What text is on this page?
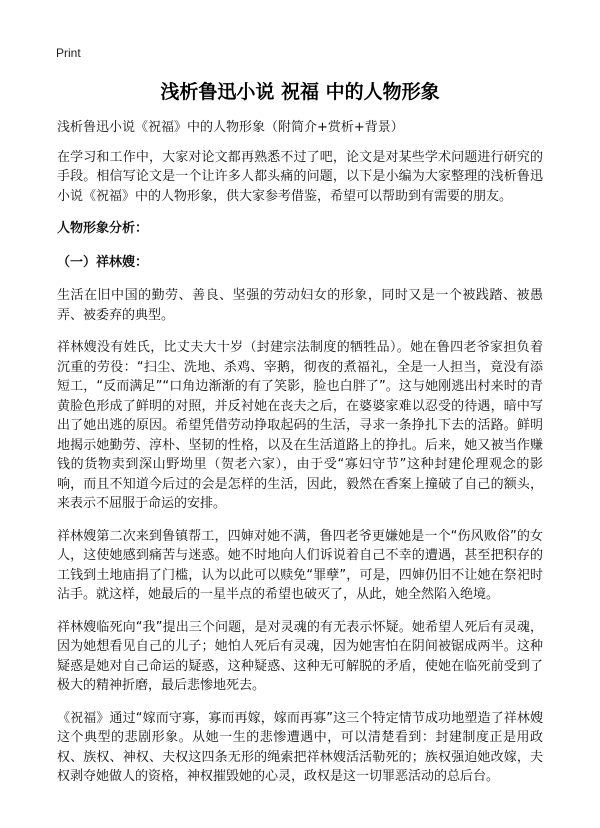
Print
浅析鲁迅小说 祝福 中的人物形象

浅析鲁迅小说《祝福》中的人物形象（附简介+赏析+背景）

在学习和工作中，大家对论文都再熟悉不过了吧，论文是对某些学术问题进行研究的手段。相信写论文是一个让许多人都头痛的问题，以下是小编为大家整理的浅析鲁迅小说《祝福》中的人物形象，供大家参考借鉴，希望可以帮助到有需要的朋友。

人物形象分析：

（一）祥林嫂：

生活在旧中国的勤劳、善良、坚强的劳动妇女的形象，同时又是一个被践踏、被愚弄、被委弃的典型。

祥林嫂没有姓氏，比丈夫大十岁（封建宗法制度的牺牲品）。她在鲁四老爷家担负着沉重的劳役：“扫尘、洗地、杀鸡、宰鹅，彻夜的煮福礼，全是一人担当，竟没有添短工，“反而满足”“口角边渐渐的有了笑影，脸也白胖了”。这与她刚逃出村来时的青黄脸色形成了鲜明的对照，并反衬她在丧夫之后，在婆婆家难以忍受的待遇，暗中写出了她出逃的原因。希望凭借劳动挣取起码的生活，寻求一条挣扎下去的活路。鲜明地揭示她勤劳、淳朴、坚韧的性格，以及在生活道路上的挣扎。后来，她又被当作赚钱的货物卖到深山野坳里（贺老六家），由于受“寡妇守节”这种封建伦理观念的影响，而且不知道今后过的会是怎样的生活，因此，毅然在香案上撞破了自己的额头，来表示不屈服于命运的安排。

祥林嫂第二次来到鲁镇帮工，四婶对她不满，鲁四老爷更嫌她是一个“伤风败俗”的女人，这使她感到痛苦与迷惑。她不时地向人们诉说着自己不幸的遭遇，甚至把积存的工钱到土地庙捐了门槛，认为以此可以赎免“罪孽”，可是，四婶仍旧不让她在祭祀时沾手。就这样，她最后的一星半点的希望也破灭了，从此，她全然陷入绝境。

祥林嫂临死向“我”提出三个问题，是对灵魂的有无表示怀疑。她希望人死后有灵魂，因为她想看见自己的儿子；她怕人死后有灵魂，因为她害怕在阴间被锯成两半。这种疑惑是她对自己命运的疑惑，这种疑惑、这种无可解脱的矛盾，使她在临死前受到了极大的精神折磨，最后悲惨地死去。

《祝福》通过“嫁而守寡，寡而再嫁，嫁而再寡”这三个特定情节成功地塑造了祥林嫂这个典型的悲剧形象。从她一生的悲惨遭遇中，可以清楚看到：封建制度正是用政权、族权、神权、夫权这四条无形的绳索把祥林嫂活活勒死的；族权强迫她改嫁，夫权剥夺她做人的资格，神权摧毁她的心灵，政权是这一切罪恶活动的总后台。
